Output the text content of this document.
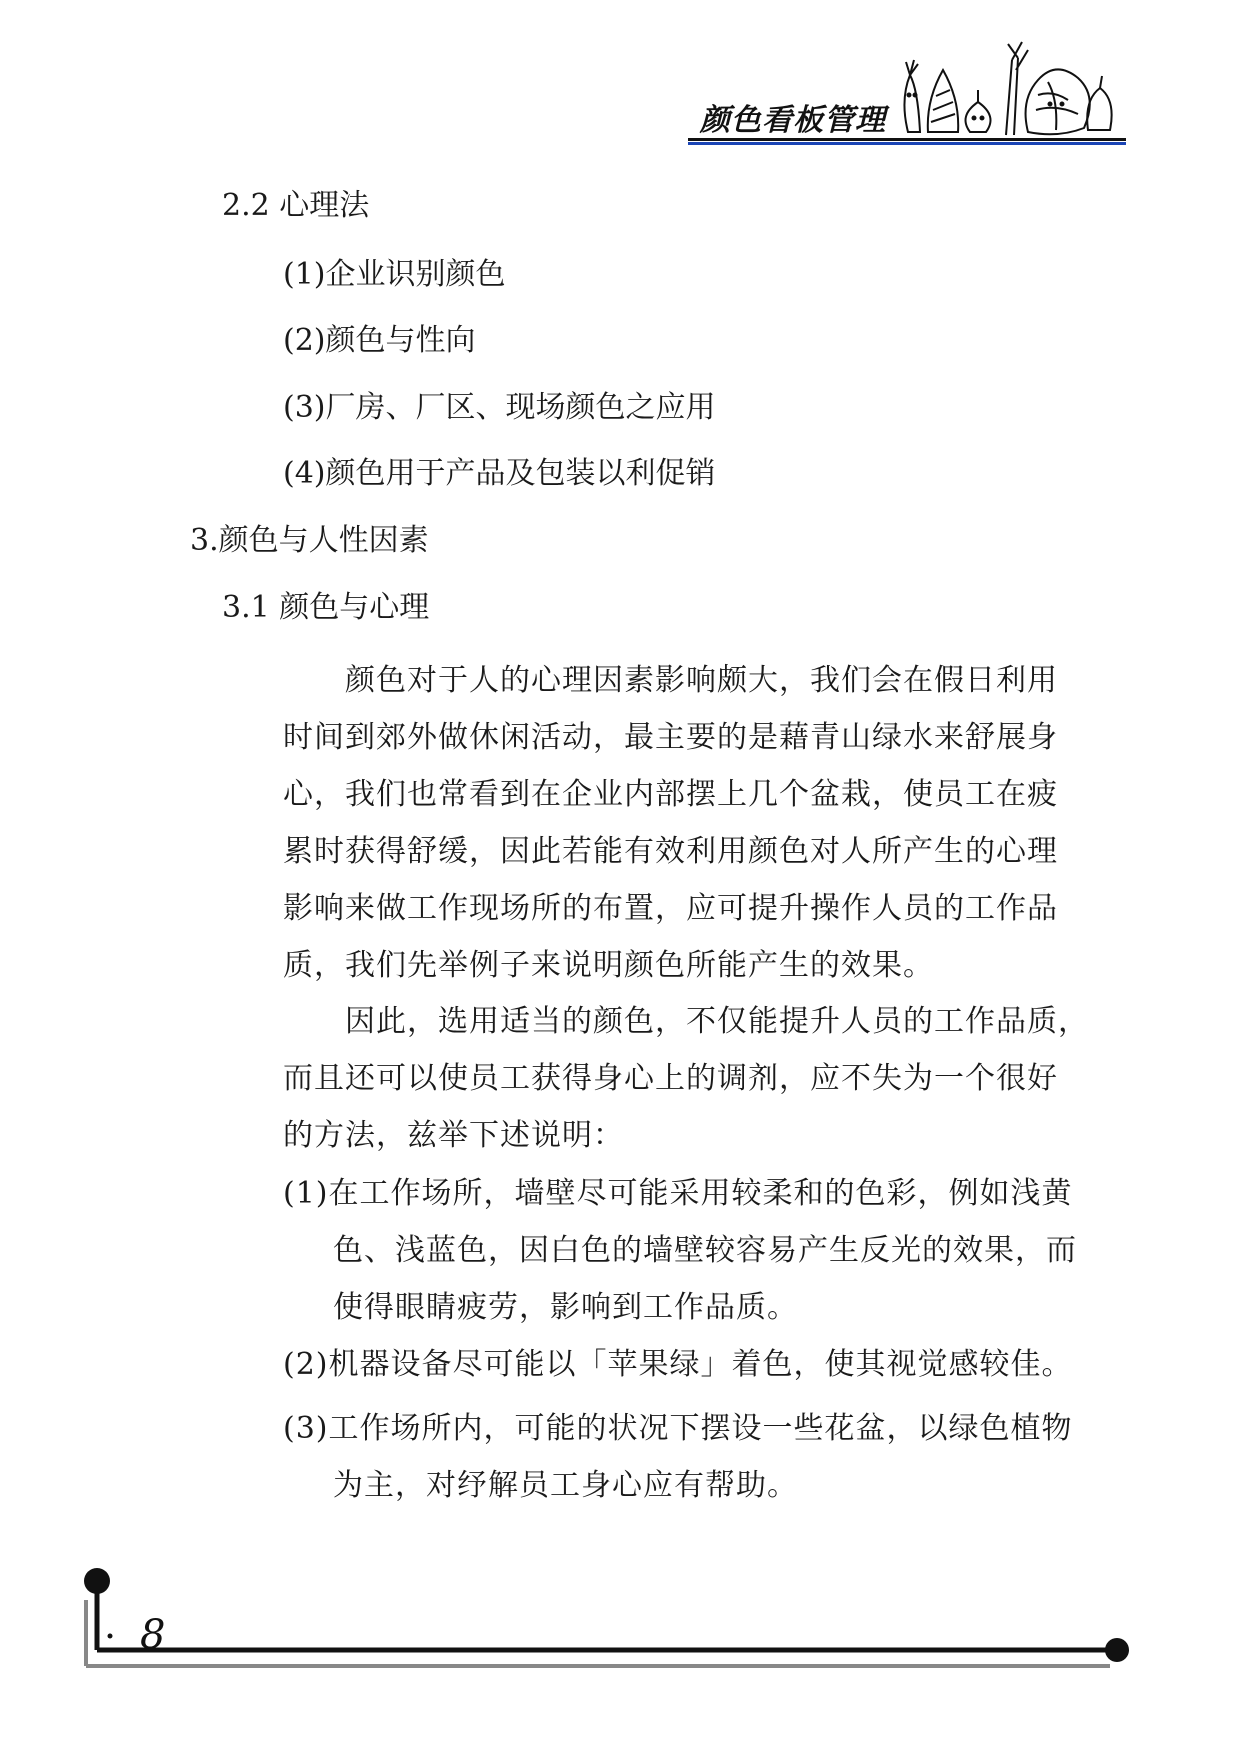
颜色看板管理
2.2 心理法
(1)企业识别颜色
(2)颜色与性向
(3)厂房、厂区、现场颜色之应用
(4)颜色用于产品及包装以利促销
3.颜色与人性因素
3.1 颜色与心理
　　颜色对于人的心理因素影响颇大，我们会在假日利用
时间到郊外做休闲活动，最主要的是藉青山绿水来舒展身
心，我们也常看到在企业内部摆上几个盆栽，使员工在疲
累时获得舒缓，因此若能有效利用颜色对人所产生的心理
影响来做工作现场所的布置，应可提升操作人员的工作品
质，我们先举例子来说明颜色所能产生的效果。
　　因此，选用适当的颜色，不仅能提升人员的工作品质，
而且还可以使员工获得身心上的调剂，应不失为一个很好
的方法，兹举下述说明：
(1)在工作场所，墙壁尽可能采用较柔和的色彩，例如浅黄
色、浅蓝色，因白色的墙壁较容易产生反光的效果，而
使得眼睛疲劳，影响到工作品质。
(2)机器设备尽可能以「苹果绿」着色，使其视觉感较佳。
(3)工作场所内，可能的状况下摆设一些花盆，以绿色植物
为主，对纾解员工身心应有帮助。
8
